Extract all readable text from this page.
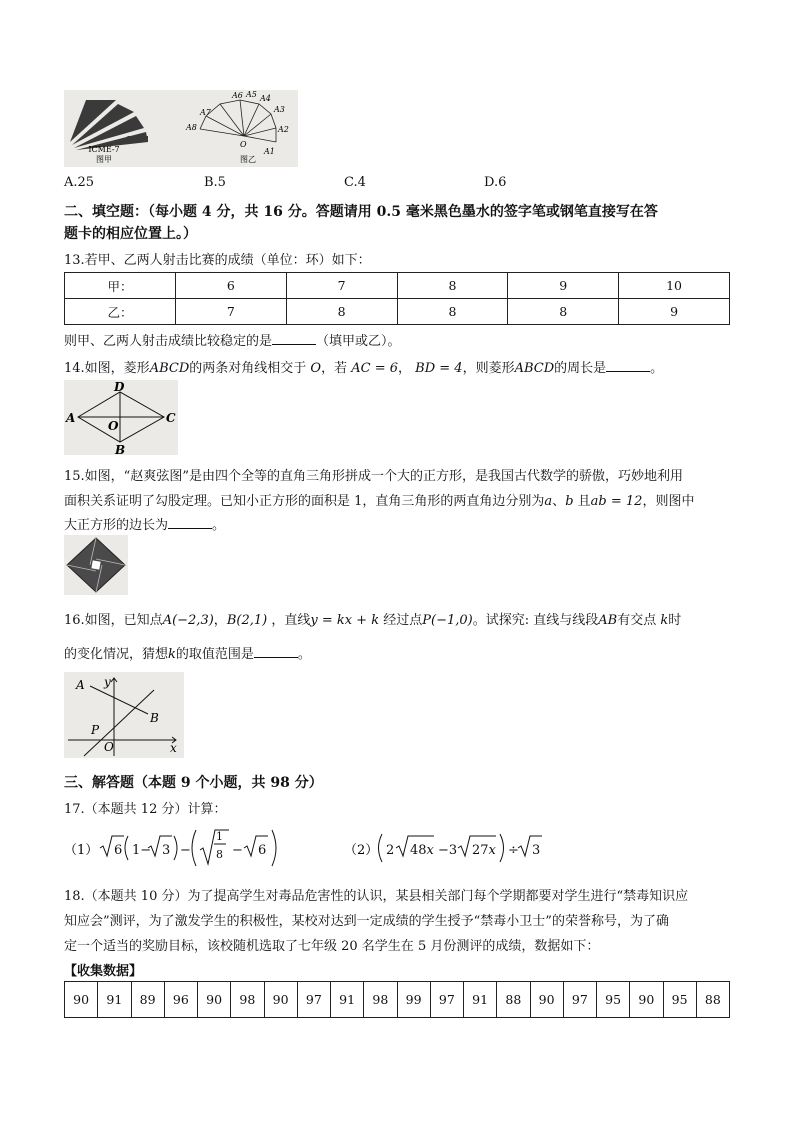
ICME-7
图甲
A6 A5 A4
A3
A7
A2
A8
A1
O
图乙
A.25	B.5	C.4	D.6
二、填空题：（每小题 4 分，共 16 分。答题请用 0.5 毫米黑色墨水的签字笔或钢笔直接写在答
题卡的相应位置上。）
13.若甲、乙两人射击比赛的成绩（单位：环）如下：
甲：	6	7	8	9	10
乙：	7	8	8	8	9
则甲、乙两人射击成绩比较稳定的是	（填甲或乙）。
14.如图，菱形ABCD的两条对角线相交于 O，若 AC = 6， BD = 4，则菱形ABCD的周长是	。
A	C
D
B
O
15.如图，“赵爽弦图”是由四个全等的直角三角形拼成一个大的正方形，是我国古代数学的骄傲，巧妙地利用
面积关系证明了勾股定理。已知小正方形的面积是 1，直角三角形的两直角边分别为a、b 且ab = 12，则图中
大正方形的边长为	。
16.如图，已知点A(−2,3)，B(2,1) ，直线y = kx + k 经过点P(−1,0)。试探究: 直线与线段AB有交点 k时
的变化情况，猜想k的取值范围是	。
A
B
P
O	x
y
三、解答题（本题 9 个小题，共 98 分）
17.（本题共 12 分）计算：
（1） 6 1− 3 −
1
8 − 6	（2） 2 48x −3 27x ÷ 3
18.（本题共 10 分）为了提高学生对毒品危害性的认识，某县相关部门每个学期都要对学生进行“禁毒知识应
知应会”测评，为了激发学生的积极性，某校对达到一定成绩的学生授予“禁毒小卫士”的荣誉称号，为了确
定一个适当的奖励目标，该校随机选取了七年级 20 名学生在 5 月份测评的成绩，数据如下：
【收集数据】
90	91	89	96	90	98	90	97	91	98	99	97	91	88	90	97	95	90	95	88
